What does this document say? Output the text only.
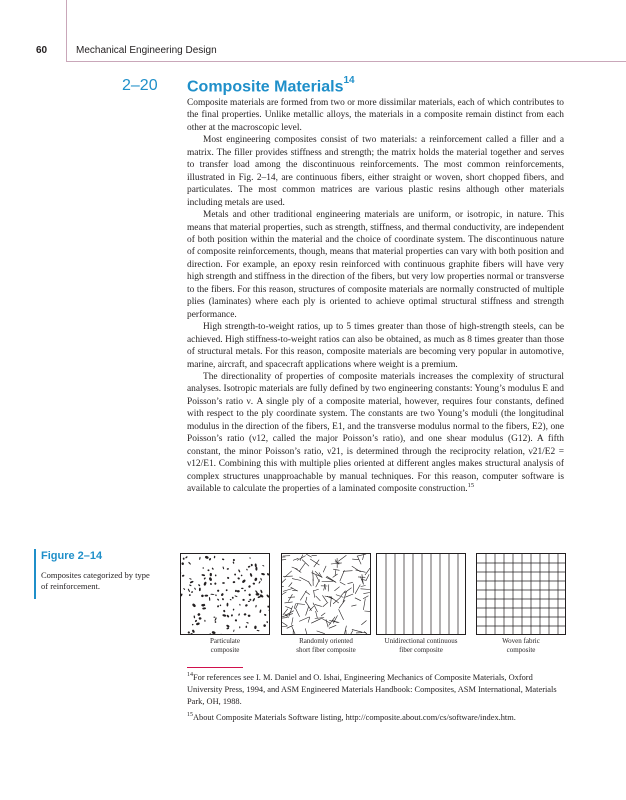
60	Mechanical Engineering Design
2–20 Composite Materials$^{14}$

Composite materials are formed from two or more dissimilar materials, each of which contributes to the final properties. Unlike metallic alloys, the materials in a composite remain distinct from each other at the macroscopic level.

Most engineering composites consist of two materials: a reinforcement called a filler and a matrix. The filler provides stiffness and strength; the matrix holds the material together and serves to transfer load among the discontinuous reinforcements. The most common reinforcements, illustrated in Fig. 2–14, are continuous fibers, either straight or woven, short chopped fibers, and particulates. The most common matrices are various plastic resins although other materials including metals are used.

Metals and other traditional engineering materials are uniform, or isotropic, in nature. This means that material properties, such as strength, stiffness, and thermal conductivity, are independent of both position within the material and the choice of coordinate system. The discontinuous nature of composite reinforcements, though, means that material properties can vary with both position and direction. For example, an epoxy resin reinforced with continuous graphite fibers will have very high strength and stiffness in the direction of the fibers, but very low properties normal or transverse to the fibers. For this reason, structures of composite materials are normally constructed of multiple plies (laminates) where each ply is oriented to achieve optimal structural stiffness and strength performance.

High strength-to-weight ratios, up to 5 times greater than those of high-strength steels, can be achieved. High stiffness-to-weight ratios can also be obtained, as much as 8 times greater than those of structural metals. For this reason, composite materials are becoming very popular in automotive, marine, aircraft, and spacecraft applications where weight is a premium.

The directionality of properties of composite materials increases the complexity of structural analyses. Isotropic materials are fully defined by two engineering constants: Young’s modulus E and Poisson’s ratio ν. A single ply of a composite material, however, requires four constants, defined with respect to the ply coordinate system. The constants are two Young’s moduli (the longitudinal modulus in the direction of the fibers, E1, and the transverse modulus normal to the fibers, E2), one Poisson’s ratio (ν12, called the major Poisson’s ratio), and one shear modulus (G12). A fifth constant, the minor Poisson’s ratio, ν21, is determined through the reciprocity relation, ν21/E2 = ν12/E1. Combining this with multiple plies oriented at different angles makes structural analysis of complex structures unapproachable by manual techniques. For this reason, computer software is available to calculate the properties of a laminated composite construction.$^{15}$

Figure 2–14
Composites categorized by type of reinforcement.
Particulate
composite
Randomly oriented
short fiber composite
Unidirectional continuous
fiber composite
Woven fabric
composite

$^{14}$For references see I. M. Daniel and O. Ishai, Engineering Mechanics of Composite Materials, Oxford University Press, 1994, and ASM Engineered Materials Handbook: Composites, ASM International, Materials Park, OH, 1988.

$^{15}$About Composite Materials Software listing, http://composite.about.com/cs/software/index.htm.
